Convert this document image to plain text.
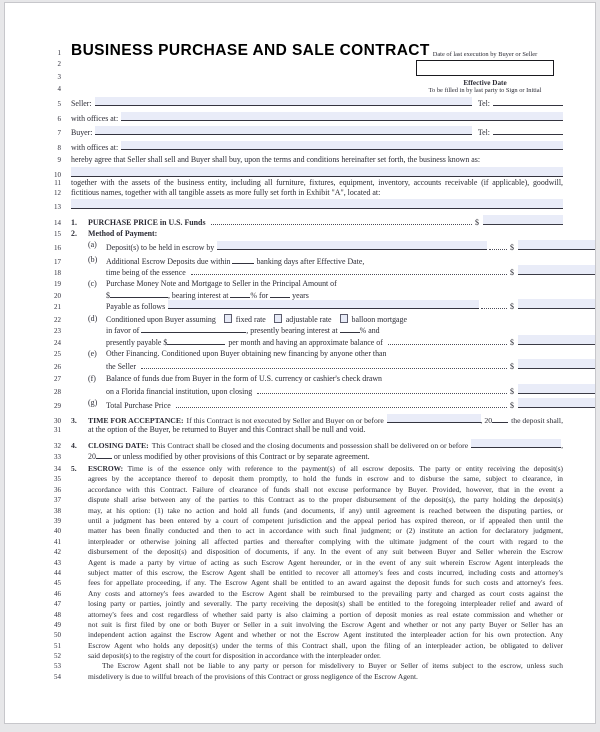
Date of last execution by Buyer or Seller
Effective Date
To be filled in by last party to Sign or Initial
1 BUSINESS PURCHASE AND SALE CONTRACT
2
3
4
5 Seller:	Tel:
6 with offices at:
7 Buyer:	Tel:
8 with offices at:
9 hereby agree that Seller shall sell and Buyer shall buy, upon the terms and conditions hereinafter set forth, the business known as:
10
11 together with the assets of the business entity, including all furniture, fixtures, equipment, inventory, accounts receivable (if applicable), goodwill,
12 fictitious names, together with all tangible assets as more fully set forth in Exhibit "A", located at:
13
14 1.	PURCHASE PRICE in U.S. Funds	$
15 2.	Method of Payment:
16	(a) Deposit(s) to be held in escrow by	$
17	(b) Additional Escrow Deposits due within	banking days after Effective Date,
18	time being of the essence	$
19	(c) Purchase Money Note and Mortgage to Seller in the Principal Amount of
20	$	, bearing interest at	% for	years
21	Payable as follows	$
22	(d) Conditioned upon Buyer assuming	fixed rate	adjustable rate	balloon mortgage
23	in favor of	, presently bearing interest at	% and
24	presently payable $	per month and having an approximate balance of	$
25	(e) Other Financing. Conditioned upon Buyer obtaining new financing by anyone other than
26	the Seller	$
27	(f) Balance of funds due from Buyer in the form of U.S. currency or cashier's check drawn
28	on a Florida financial institution, upon closing	$
29	(g) Total Purchase Price	$
30 3.	TIME FOR ACCEPTANCE: If this Contract is not executed by Seller and Buyer on or before	, 20 the deposit shall,
31	at the option of the Buyer, be returned to Buyer and this Contract shall be null and void.
32 4.	CLOSING DATE: This Contract shall be closed and the closing documents and possession shall be delivered on or before	,
33	20 or unless modified by other provisions of this Contract or by separate agreement.
34 5. ESCROW: Time is of the essence only with reference to the payment(s) of all escrow deposits. The party or entity receiving the deposit(s)
35	agrees by the acceptance thereof to deposit them promptly, to hold the funds in escrow and to disburse the same, subject to clearance, in
36	accordance with this Contract. Failure of clearance of funds shall not excuse performance by Buyer. Provided, however, that in the event a
37	dispute shall arise between any of the parties to this Contract as to the proper disbursement of the deposit(s), the party holding the deposit(s)
38	may, at his option: (1) take no action and hold all funds (and documents, if any) until agreement is reached between the disputing parties, or
39	until a judgment has been entered by a court of competent jurisdiction and the appeal period has expired thereon, or if appealed then until the
40	matter has been finally conducted and then to act in accordance with such final judgment; or (2) institute an action for declaratory judgment,
41	interpleader or otherwise joining all affected parties and thereafter complying with the ultimate judgment of the court with regard to the
42	disbursement of the deposit(s) and disposition of documents, if any. In the event of any suit between Buyer and Seller wherein the Escrow
43	Agent is made a party by virtue of acting as such Escrow Agent hereunder, or in the event of any suit wherein Escrow Agent interpleads the
44	subject matter of this escrow, the Escrow Agent shall be entitled to recover all attorney's fees and costs incurred, including costs and attorney's
45	fees for appellate proceeding, if any. The Escrow Agent shall be entitled to an award against the deposit funds for such costs and attorney's fees.
46	Any costs and attorney's fees awarded to the Escrow Agent shall be reimbursed to the prevailing party and charged as court costs against the
47	losing party or parties, jointly and severally. The party receiving the deposit(s) shall be entitled to the foregoing interpleader relief and award of
48	attorney's fees and cost regardless of whether said party is also claiming a portion of deposit monies as real estate commission and whether or
49	not suit is first filed by one or both Buyer or Seller in a suit involving the Escrow Agent and whether or not any party Buyer or Seller has an
50	independent action against the Escrow Agent and whether or not the Escrow Agent instituted the interpleader action for his own protection. Any
51	Escrow Agent who holds any deposit(s) under the terms of this Contract shall, upon the filing of an interpleader action, be obligated to deliver
52	said deposit(s) to the registry of the court for disposition in accordance with the interpleader order.
53	The Escrow Agent shall not be liable to any party or person for misdelivery to Buyer or Seller of items subject to the escrow, unless such
54	misdelivery is due to willful breach of the provisions of this Contract or gross negligence of the Escrow Agent.
